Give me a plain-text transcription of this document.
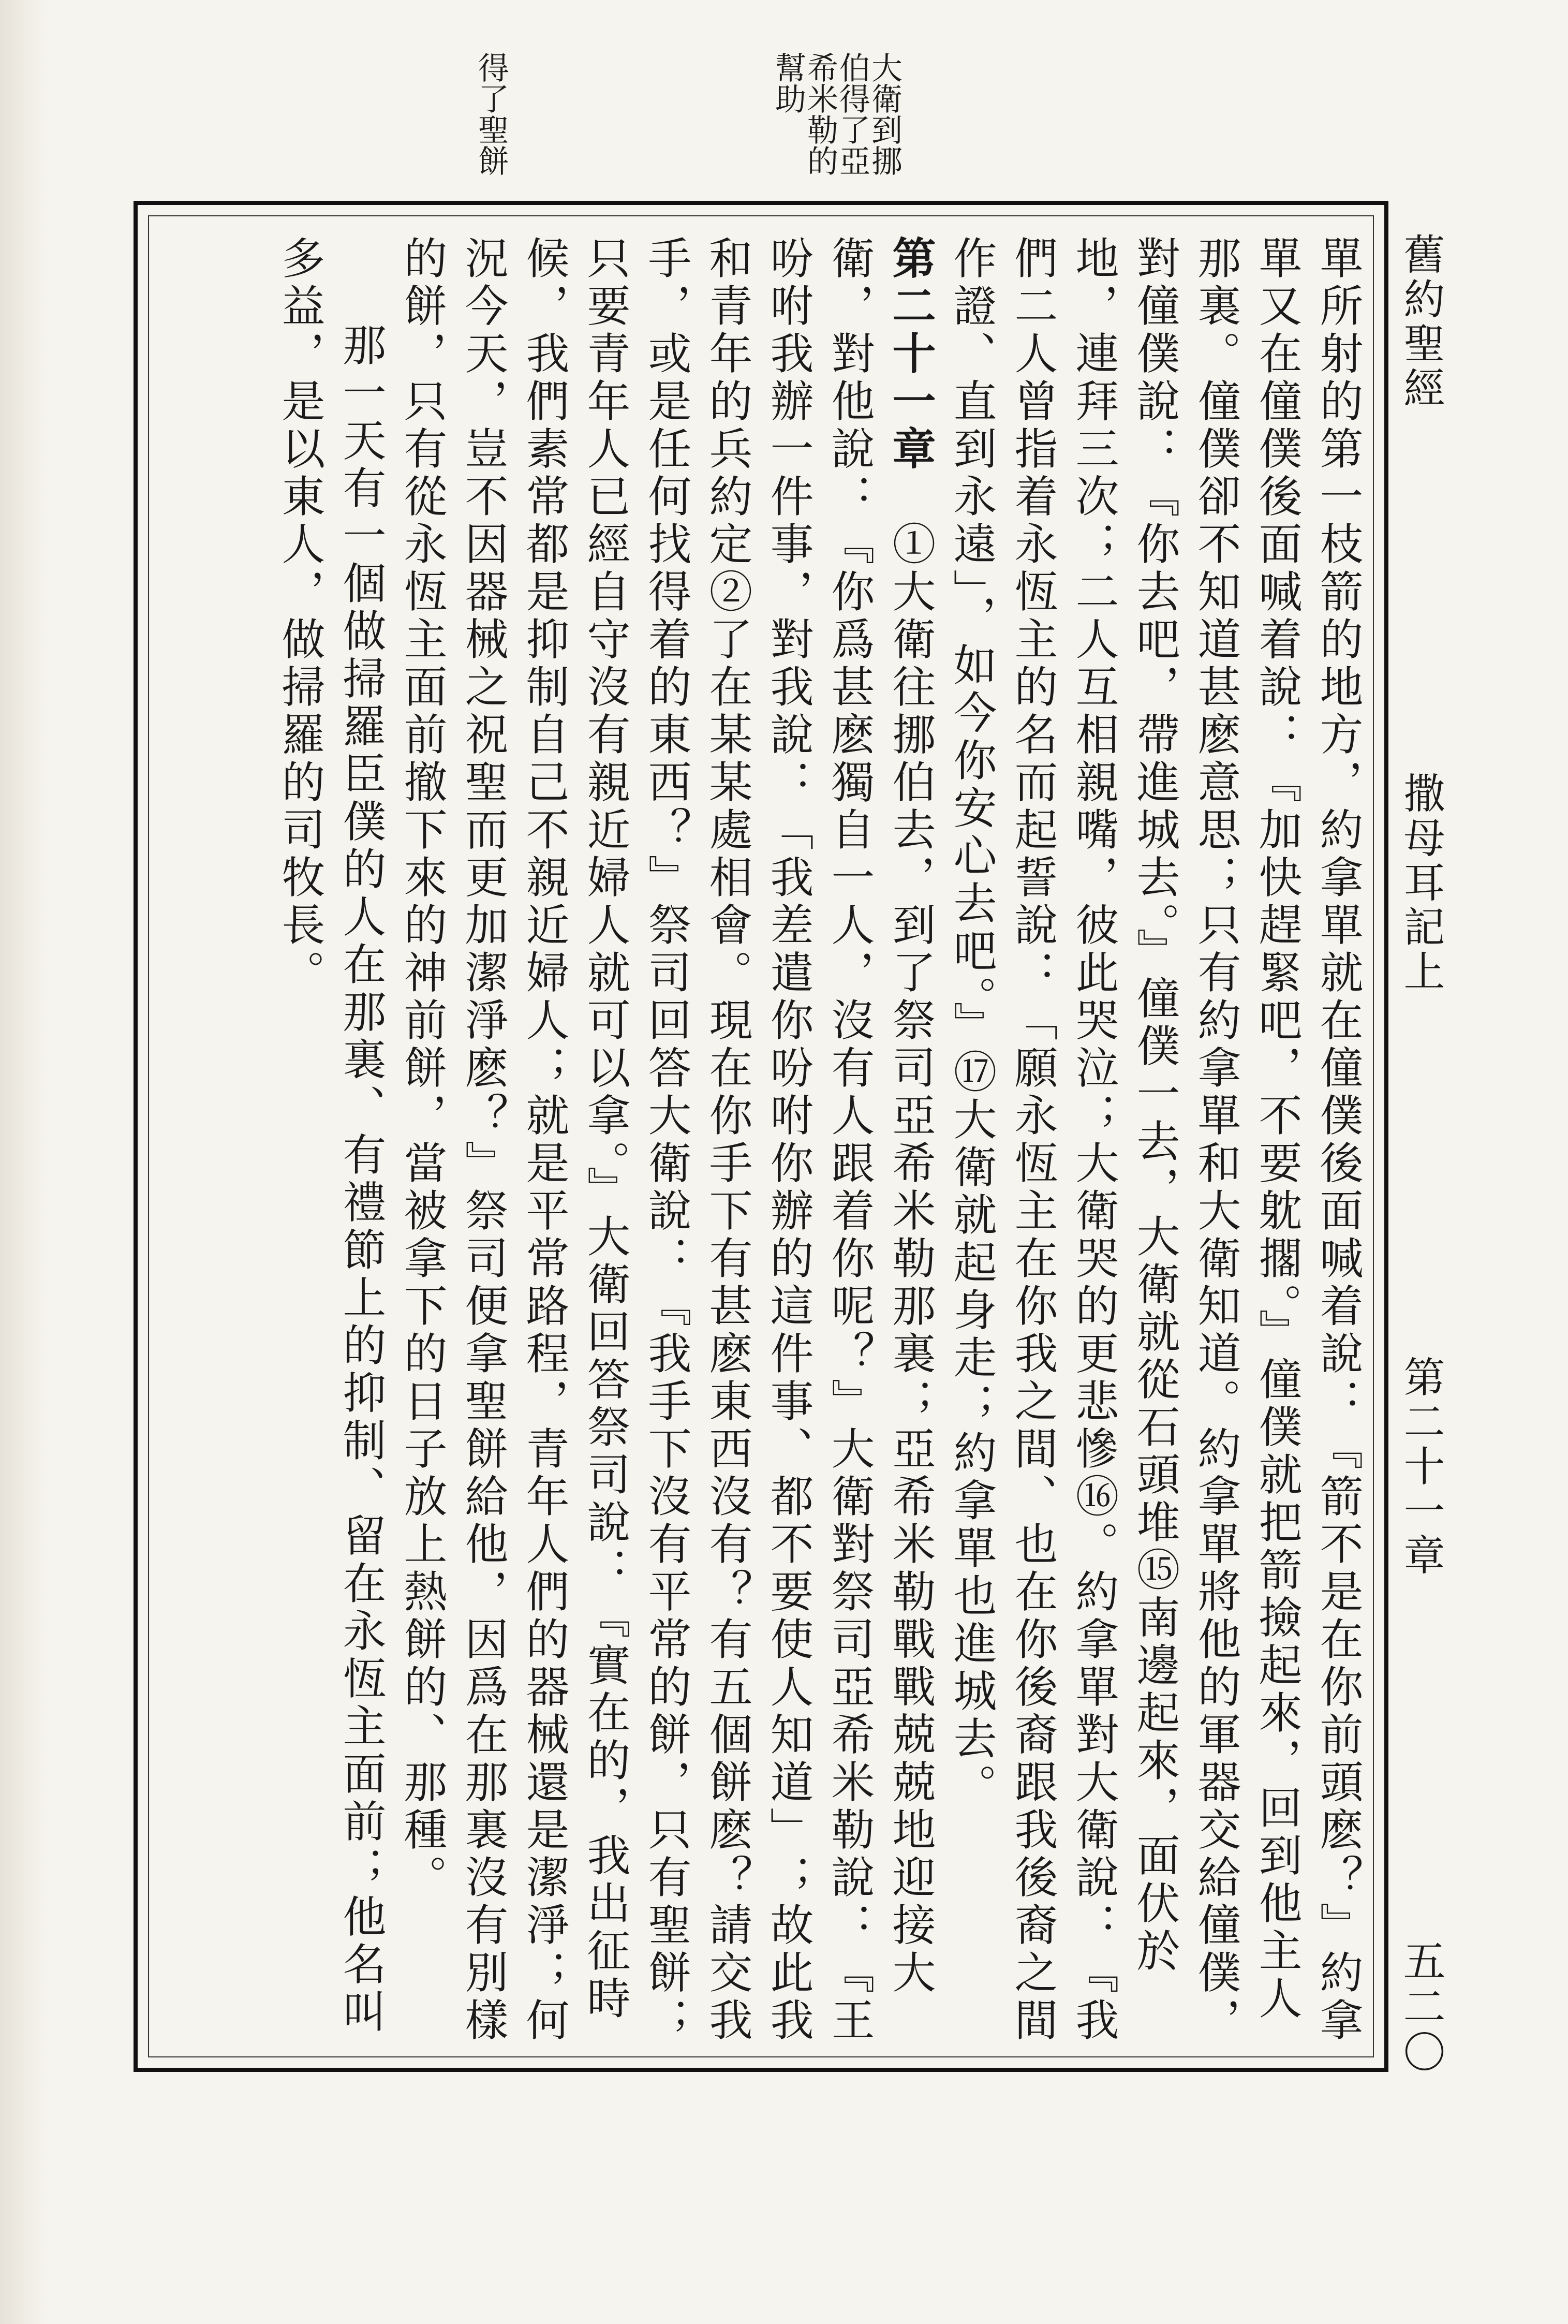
舊約聖經
撒母耳記上
第二十一章
五二〇
大衛到挪伯得了亞希米勒的幫助
得了聖餅

單所射的第一枝箭的地方，約拿單就在僮僕後面喊着說：『箭不是在你前頭麽？』約拿單又在僮僕後面喊着說：『加快趕緊吧，不要躭擱。』僮僕就把箭撿起來，回到他主人那裏。僮僕卻不知道甚麽意思；只有約拿單和大衛知道。約拿單將他的軍器交給僮僕，對僮僕說：『你去吧，帶進城去。』僮僕一去，大衛就從石頭堆⑮南邊起來，面伏於地，連拜三次；二人互相親嘴，彼此哭泣；大衛哭的更悲慘⑯。約拿單對大衛說：『我們二人曾指着永恆主的名而起誓說：「願永恆主在你我之間、也在你後裔跟我後裔之間作證、直到永遠」，如今你安心去吧。』⑰大衛就起身走；約拿單也進城去。

第二十一章　①大衛往挪伯去，到了祭司亞希米勒那裏；亞希米勒戰戰兢兢地迎接大衛，對他說：『你爲甚麽獨自一人，沒有人跟着你呢？』大衛對祭司亞希米勒說：『王吩咐我辦一件事，對我說：「我差遣你吩咐你辦的這件事、都不要使人知道」；故此我和青年的兵約定②了在某某處相會。現在你手下有甚麽東西沒有？有五個餅麽？請交我手，或是任何找得着的東西？』祭司回答大衛說：『我手下沒有平常的餅，只有聖餅；只要青年人已經自守沒有親近婦人就可以拿。』大衛回答祭司說：『實在的，我出征時候，我們素常都是抑制自己不親近婦人；就是平常路程，青年人們的器械還是潔淨；何況今天，豈不因器械之祝聖而更加潔淨麽？』祭司便拿聖餅給他，因爲在那裏沒有別樣的餅，只有從永恆主面前撤下來的神前餅，當被拿下的日子放上熱餅的、那種。

那一天有一個做掃羅臣僕的人在那裏、有禮節上的抑制、留在永恆主面前；他名叫多益，是以東人，做掃羅的司牧長。
